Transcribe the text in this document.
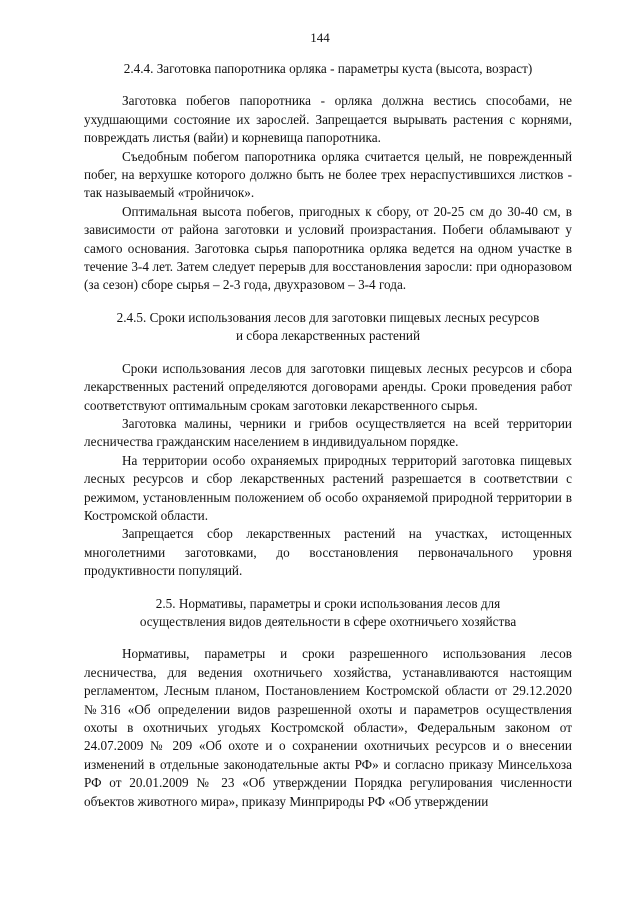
144
2.4.4. Заготовка папоротника орляка - параметры куста (высота, возраст)

Заготовка побегов папоротника - орляка должна вестись способами, не ухудшающими состояние их зарослей. Запрещается вырывать растения с корнями, повреждать листья (вайи) и корневища папоротника.

Съедобным побегом папоротника орляка считается целый, не поврежденный побег, на верхушке которого должно быть не более трех нераспустившихся листков - так называемый «тройничок».

Оптимальная высота побегов, пригодных к сбору, от 20-25 см до 30-40 см, в зависимости от района заготовки и условий произрастания. Побеги обламывают у самого основания. Заготовка сырья папоротника орляка ведется на одном участке в течение 3-4 лет. Затем следует перерыв для восстановления заросли: при одноразовом (за сезон) сборе сырья – 2-3 года, двухразовом – 3-4 года.

2.4.5. Сроки использования лесов для заготовки пищевых лесных ресурсов
и сбора лекарственных растений

Сроки использования лесов для заготовки пищевых лесных ресурсов и сбора лекарственных растений определяются договорами аренды. Сроки проведения работ соответствуют оптимальным срокам заготовки лекарственного сырья.

Заготовка малины, черники и грибов осуществляется на всей территории лесничества гражданским населением в индивидуальном порядке.

На территории особо охраняемых природных территорий заготовка пищевых лесных ресурсов и сбор лекарственных растений разрешается в соответствии с режимом, установленным положением об особо охраняемой природной территории в Костромской области.

Запрещается сбор лекарственных растений на участках, истощенных многолетними заготовками, до восстановления первоначального уровня продуктивности популяций.

2.5. Нормативы, параметры и сроки использования лесов для
осуществления видов деятельности в сфере охотничьего хозяйства

Нормативы, параметры и сроки разрешенного использования лесов лесничества, для ведения охотничьего хозяйства, устанавливаются настоящим регламентом, Лесным планом, Постановлением Костромской области от 29.12.2020 №316 «Об определении видов разрешенной охоты и параметров осуществления охоты в охотничьих угодьях Костромской области», Федеральным законом от 24.07.2009 № 209 «Об охоте и о сохранении охотничьих ресурсов и о внесении изменений в отдельные законодательные акты РФ» и согласно приказу Минсельхоза РФ от 20.01.2009 № 23 «Об утверждении Порядка регулирования численности объектов животного мира», приказу Минприроды РФ «Об утверждении
